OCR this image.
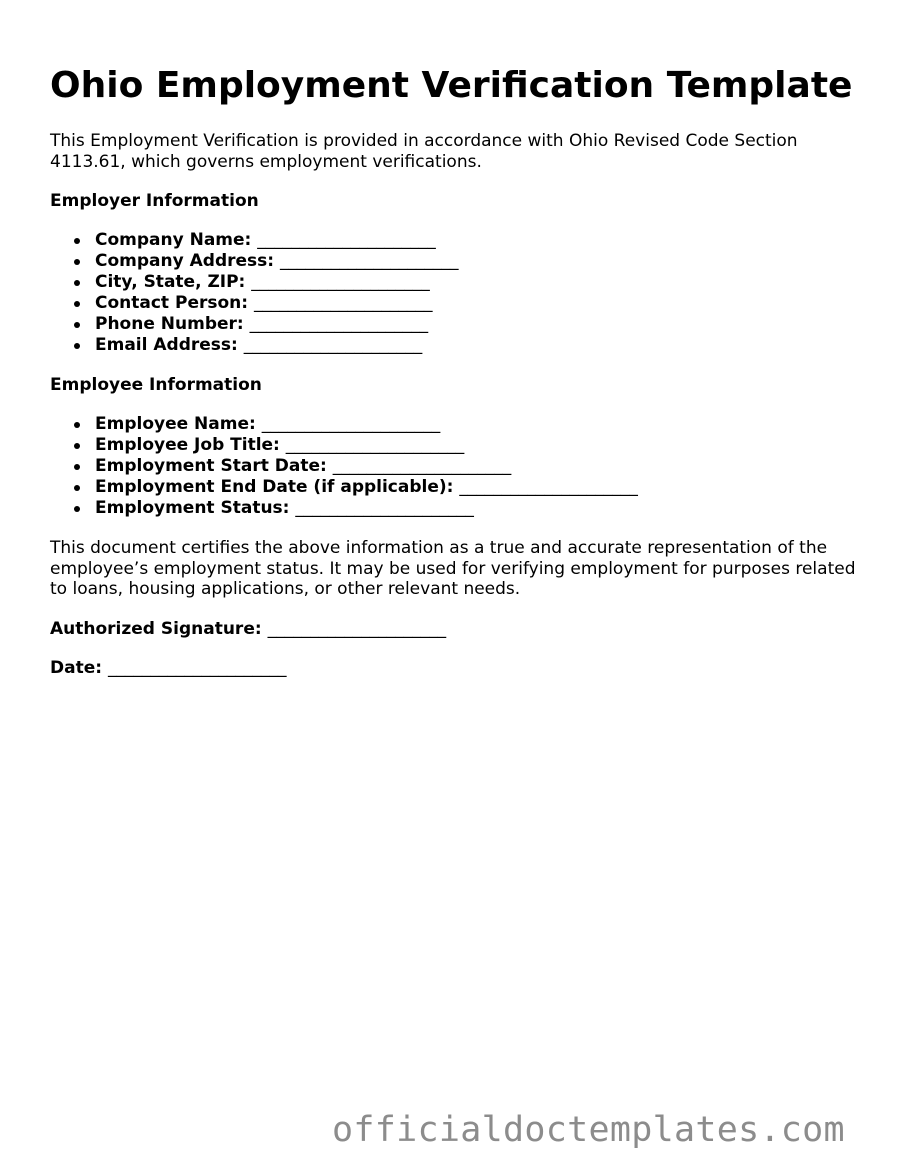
Ohio Employment Verification Template

This Employment Verification is provided in accordance with Ohio Revised Code Section 4113.61, which governs employment verifications.

Employer Information
Company Name: _____________________
Company Address: _____________________
City, State, ZIP: _____________________
Contact Person: _____________________
Phone Number: _____________________
Email Address: _____________________
Employee Information
Employee Name: _____________________
Employee Job Title: _____________________
Employment Start Date: _____________________
Employment End Date (if applicable): _____________________
Employment Status: _____________________

This document certifies the above information as a true and accurate representation of the employee’s employment status. It may be used for verifying employment for purposes related to loans, housing applications, or other relevant needs.

Authorized Signature: _____________________
Date: _____________________
officialdoctemplates.com
